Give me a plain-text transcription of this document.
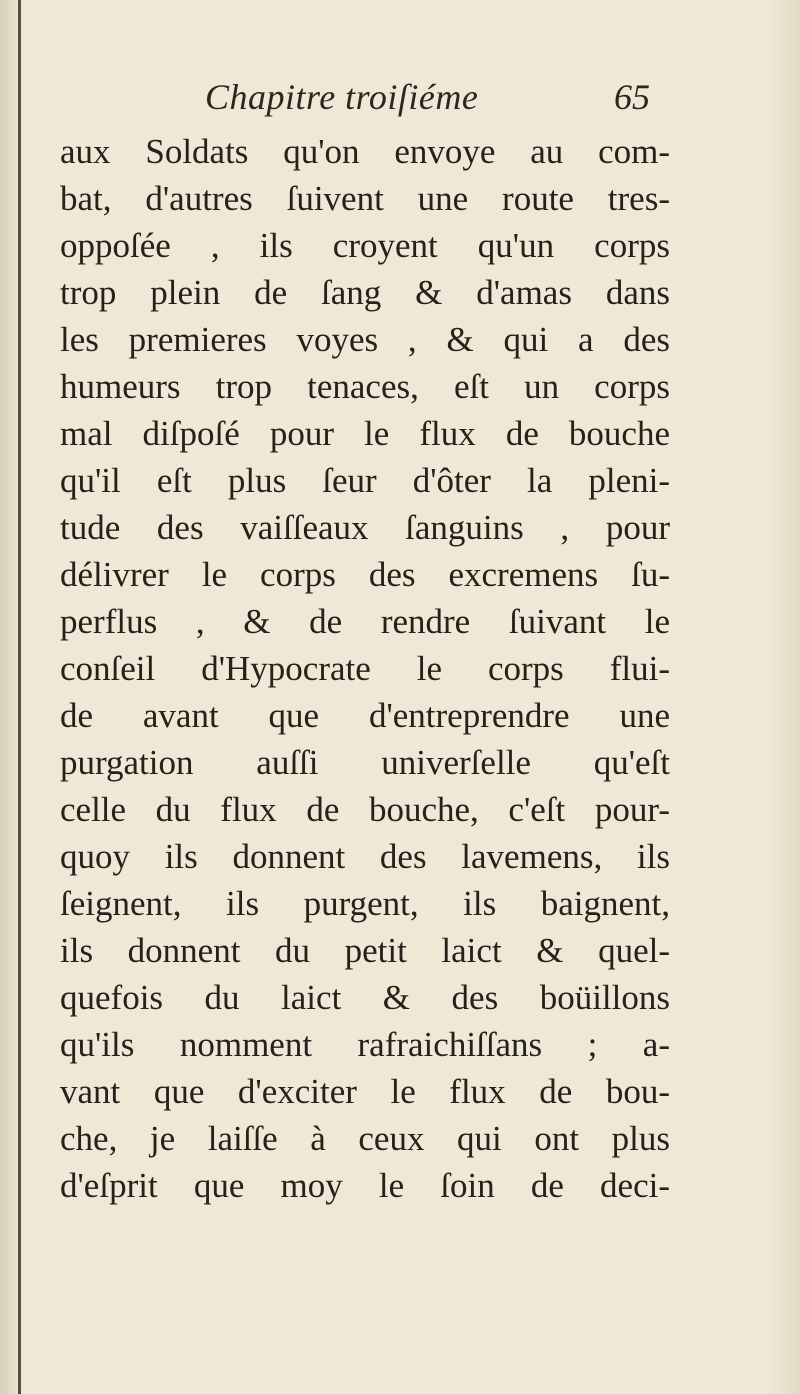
Chapitre troiſiéme	65
aux Soldats qu'on envoye au com-
bat, d'autres ſuivent une route tres-
oppoſée , ils croyent qu'un corps
trop plein de ſang & d'amas dans
les premieres voyes , & qui a des
humeurs trop tenaces, eſt un corps
mal diſpoſé pour le flux de bouche
qu'il eſt plus ſeur d'ôter la pleni-
tude des vaiſſeaux ſanguins , pour
délivrer le corps des excremens ſu-
perflus , & de rendre ſuivant le
conſeil d'Hypocrate le corps flui-
de avant que d'entreprendre une
purgation auſſi univerſelle qu'eſt
celle du flux de bouche, c'eſt pour-
quoy ils donnent des lavemens, ils
ſeignent, ils purgent, ils baignent,
ils donnent du petit laict & quel-
quefois du laict & des boüillons
qu'ils nomment rafraichiſſans ; a-
vant que d'exciter le flux de bou-
che, je laiſſe à ceux qui ont plus
d'eſprit que moy le ſoin de deci-
